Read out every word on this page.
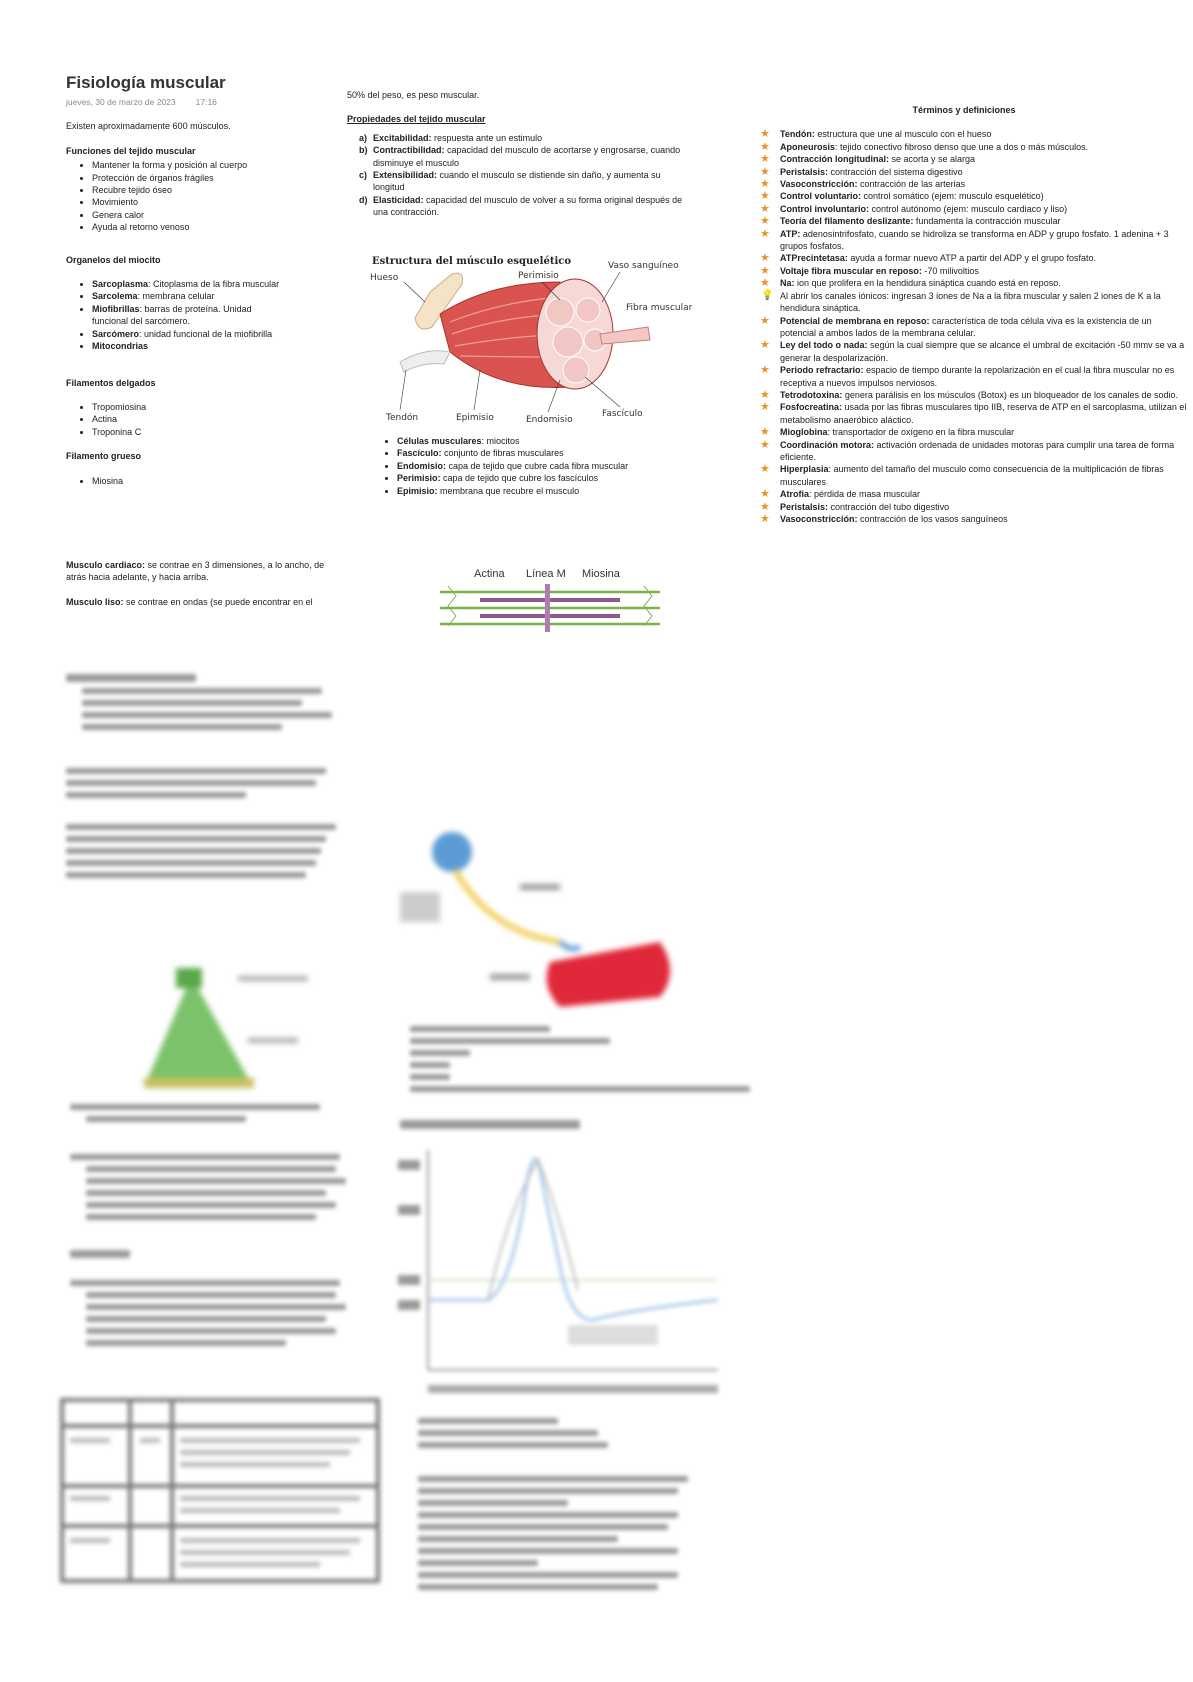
Fisiología muscular
jueves, 30 de marzo de 2023 17:16

Existen aproximadamente 600 músculos.

Funciones del tejido muscular

• Mantener la forma y posición al cuerpo
• Protección de órganos frágiles
• Recubre tejido óseo
• Movimiento
• Genera calor
• Ayuda al retorno venoso

Organelos del miocito

• Sarcoplasma: Citoplasma de la fibra muscular
• Sarcolema: membrana celular
• Miofibrillas: barras de proteína. Unidad funcional del sarcómero.
• Sarcómero: unidad funcional de la miofibrilla
• Mitocondrias

Filamentos delgados

• Tropomiosina
• Actina
• Troponina C

Filamento grueso

• Miosina

Musculo cardiaco: se contrae en 3 dimensiones, a lo ancho, de atrás hacia adelante, y hacia arriba.

Musculo liso: se contrae en ondas (se puede encontrar en el

50% del peso, es peso muscular.

Propiedades del tejido muscular

a) Excitabilidad: respuesta ante un estimulo
b) Contractibilidad: capacidad del musculo de acortarse y engrosarse, cuando disminuye el musculo
c) Extensibilidad: cuando el musculo se distiende sin daño, y aumenta su longitud
d) Elasticidad: capacidad del musculo de volver a su forma original después de una contracción.
Estructura del músculo esquelético
Hueso	Perimisio
Vaso sanguíneo
Fibra muscular
Tendón	Epimisio	Endomisio
Fascículo
• Células musculares: miocitos
• Fascículo: conjunto de fibras musculares
• Endomisio: capa de tejido que cubre cada fibra muscular
• Perimisio: capa de tejido que cubre los fascículos
• Epimisio: membrana que recubre el musculo
Actina Línea M Miosina

Términos y definiciones

★ Tendón: estructura que une al musculo con el hueso
★ Aponeurosis: tejido conectivo fibroso denso que une a dos o más músculos.
★ Contracción longitudinal: se acorta y se alarga
★ Peristalsis: contracción del sistema digestivo
★ Vasoconstricción: contracción de las arterias
★ Control voluntario: control somático (ejem: musculo esquelético)
★ Control involuntario: control autónomo (ejem: musculo cardiaco y liso)
★ Teoría del filamento deslizante: fundamenta la contracción muscular
★ ATP: adenosintrifosfato, cuando se hidroliza se transforma en ADP y grupo fosfato. 1 adenina + 3 grupos fosfatos.
★ ATPrecintetasa: ayuda a formar nuevo ATP a partir del ADP y el grupo fosfato.
★ Voltaje fibra muscular en reposo: -70 milivoltios
★ Na: ion que prolifera en la hendidura sináptica cuando está en reposo.
💡 Al abrir los canales iónicos: ingresan 3 iones de Na a la fibra muscular y salen 2 iones de K a la hendidura sináptica.
★ Potencial de membrana en reposo: característica de toda célula viva es la existencia de un potencial a ambos lados de la membrana celular.
★ Ley del todo o nada: según la cual siempre que se alcance el umbral de excitación -50 mmv se va a generar la despolarización.
★ Periodo refractario: espacio de tiempo durante la repolarización en el cual la fibra muscular no es receptiva a nuevos impulsos nerviosos.
★ Tetrodotoxina: genera parálisis en los músculos (Botox) es un bloqueador de los canales de sodio.
★ Fosfocreatina: usada por las fibras musculares tipo IIB, reserva de ATP en el sarcoplasma, utilizan el metabolismo anaeróbico aláctico.
★ Mioglobina: transportador de oxígeno en la fibra muscular
★ Coordinación motora: activación ordenada de unidades motoras para cumplir una tarea de forma eficiente.
★ Hiperplasia: aumento del tamaño del musculo como consecuencia de la multiplicación de fibras musculares
★ Atrofia: pérdida de masa muscular
★ Peristalsis: contracción del tubo digestivo
★ Vasoconstricción: contracción de los vasos sanguíneos
